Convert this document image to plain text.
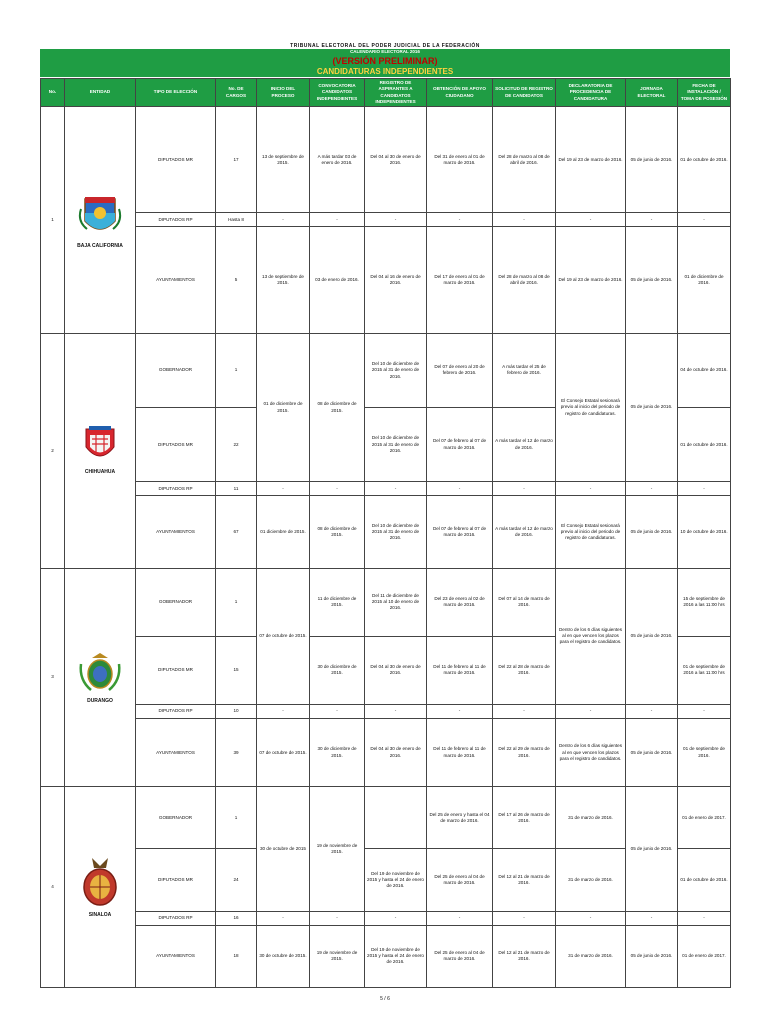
TRIBUNAL ELECTORAL DEL PODER JUDICIAL DE LA FEDERACIÓN
CALENDARIO ELECTORAL 2016
(VERSIÓN PRELIMINAR)
CANDIDATURAS INDEPENDIENTES
No.	ENTIDAD	TIPO DE ELECCIÓN	No. DE CARGOS	INICIO DEL PROCESO	CONVOCATORIA CANDIDATOS INDEPENDIENTES	REGISTRO DE ASPIRANTES A CANDIDATOS INDEPENDIENTES	OBTENCIÓN DE APOYO CIUDADANO	SOLICITUD DE REGISTRO DE CANDIDATOS	DECLARATORIA DE PROCEDENCIA DE CANDIDATURA	JORNADA ELECTORAL	FECHA DE INSTALACIÓN / TOMA DE POSESIÓN
1	BAJA CALIFORNIA	DIPUTADOS MR	17	13 de septiembre de 2015.	A más tardar 03 de enero de 2016.	Del 04 al 30 de enero de 2016.	Del 31 de enero al 01 de marzo de 2016.	Del 28 de marzo al 08 de abril de 2016.	Del 19 al 23 de marzo de 2016.	05 de junio de 2016.	01 de octubre de 2016.
		DIPUTADOS RP	Hasta 8	-	-	-	-	-	-	-	-
		AYUNTAMIENTOS	5	13 de septiembre de 2015.	03 de enero de 2016.	Del 04 al 16 de enero de 2016.	Del 17 de enero al 01 de marzo de 2016.	Del 28 de marzo al 08 de abril de 2016.	Del 19 al 23 de marzo de 2016.	05 de junio de 2016.	01 de diciembre de 2016.
2	CHIHUAHUA	GOBERNADOR	1	01 de diciembre de 2015.	08 de diciembre de 2015.	Del 10 de diciembre de 2015 al 31 de enero de 2016.	Del 07 de enero al 20 de febrero de 2016.	A más tardar el 25 de febrero de 2016.	El Consejo Estatal sesionará previo al inicio del periodo de registro de candidaturas.	05 de junio de 2016.	04 de octubre de 2016.
		DIPUTADOS MR	22			Del 10 de diciembre de 2015 al 31 de enero de 2016.	Del 07 de febrero al 07 de marzo de 2016.	A más tardar el 12 de marzo de 2016.			01 de octubre de 2016.
		DIPUTADOS RP	11	-	-	-	-	-	-	-	-
		AYUNTAMIENTOS	67	01 diciembre de 2015.	08 de diciembre de 2015.	Del 10 de diciembre de 2015 al 31 de enero de 2016.	Del 07 de febrero al 07 de marzo de 2016.	A más tardar el 12 de marzo de 2016.	El Consejo Estatal sesionará previo al inicio del periodo de registro de candidaturas.	05 de junio de 2016.	10 de octubre de 2016.
3	DURANGO	GOBERNADOR	1	07 de octubre de 2015.	11 de diciembre de 2015.	Del 11 de diciembre de 2015 al 10 de enero de 2016.	Del 23 de enero al 02 de marzo de 2016.	Del 07 al 14 de marzo de 2016.	Dentro de los 6 días siguientes al en que vencen los plazos para el registro de candidatos.	05 de junio de 2016.	15 de septiembre de 2016 a las 11:00 hrs
		DIPUTADOS MR	15		30 de diciembre de 2015.	Del 04 al 30 de enero de 2016.	Del 11 de febrero al 11 de marzo de 2016.	Del 22 al 28 de marzo de 2016.			01 de septiembre de 2016 a las 11:00 hrs
		DIPUTADOS RP	10	-	-	-	-	-	-	-	-
		AYUNTAMIENTOS	39	07 de octubre de 2015.	30 de diciembre de 2015.	Del 04 al 30 de enero de 2016.	Del 11 de febrero al 11 de marzo de 2016.	Del 22 al 29 de marzo de 2016.	Dentro de los 6 días siguientes al en que vencen los plazos para el registro de candidatos.	05 de junio de 2016.	01 de septiembre de 2016.
4	SINALOA	GOBERNADOR	1	30 de octubre de 2015	19 de noviembre de 2015.		Del 25 de enero y hasta el 04 de marzo de 2016.	Del 17 al 26 de marzo de 2016.	31 de marzo de 2016.	05 de junio de 2016.	01 de enero de 2017.
		DIPUTADOS MR	24			Del 19 de noviembre de 2015 y hasta el 24 de enero de 2016.	Del 25 de enero al 04 de marzo de 2016.	Del 12 al 21 de marzo de 2016.	31 de marzo de 2016.		01 de octubre de 2016.
		DIPUTADOS RP	16	-	-	-	-	-	-	-	-
		AYUNTAMIENTOS	18	30 de octubre de 2015.	19 de noviembre de 2015.	Del 19 de noviembre de 2015 y hasta el 24 de enero de 2016.	Del 25 de enero al 04 de marzo de 2016.	Del 12 al 21 de marzo de 2016.	31 de marzo de 2016.	05 de junio de 2016.	01 de enero de 2017.
5 / 6
